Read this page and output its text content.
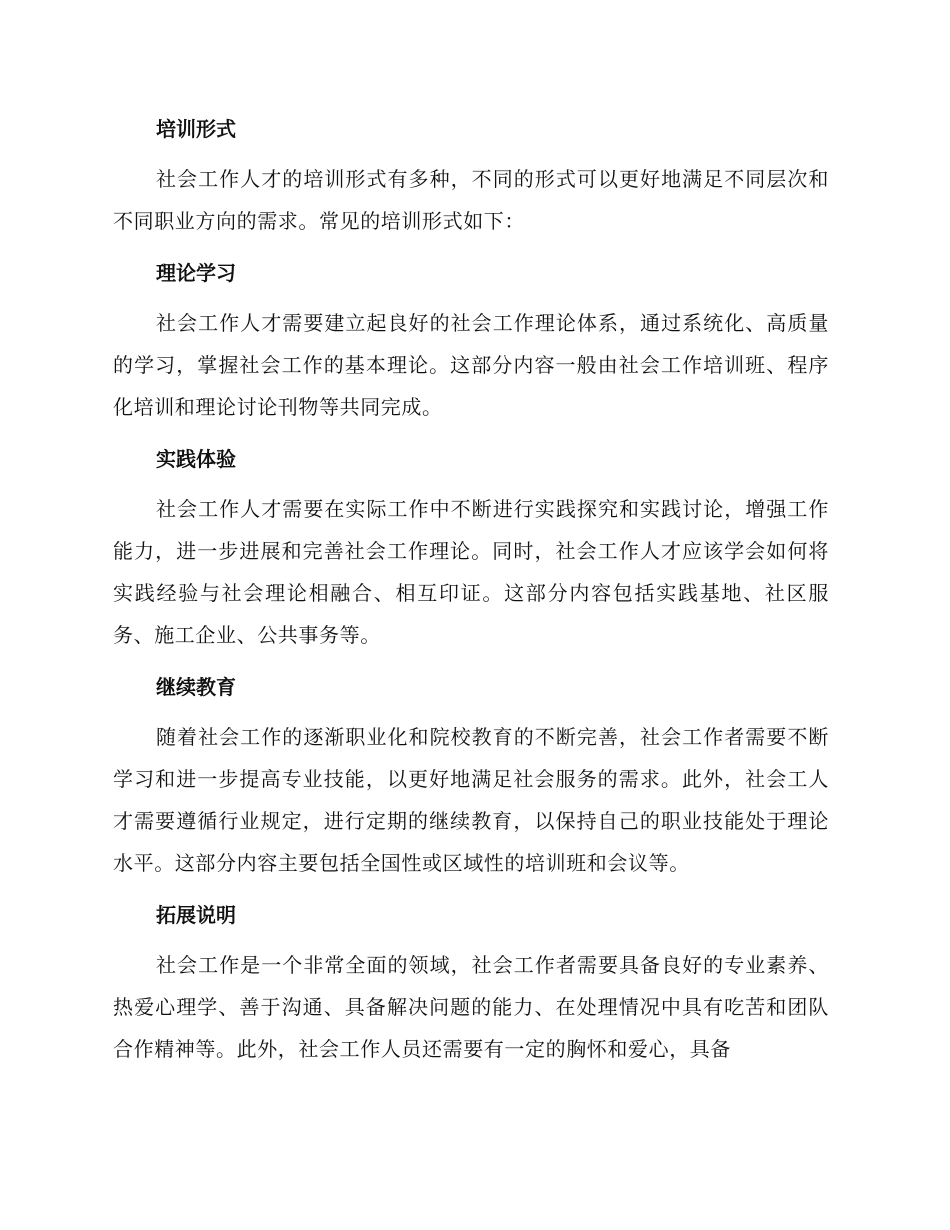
培训形式

社会工作人才的培训形式有多种，不同的形式可以更好地满足不同层次和不同职业方向的需求。常见的培训形式如下：

理论学习

社会工作人才需要建立起良好的社会工作理论体系，通过系统化、高质量的学习，掌握社会工作的基本理论。这部分内容一般由社会工作培训班、程序化培训和理论讨论刊物等共同完成。

实践体验

社会工作人才需要在实际工作中不断进行实践探究和实践讨论，增强工作能力，进一步进展和完善社会工作理论。同时，社会工作人才应该学会如何将实践经验与社会理论相融合、相互印证。这部分内容包括实践基地、社区服务、施工企业、公共事务等。

继续教育

随着社会工作的逐渐职业化和院校教育的不断完善，社会工作者需要不断学习和进一步提高专业技能，以更好地满足社会服务的需求。此外，社会工人才需要遵循行业规定，进行定期的继续教育，以保持自己的职业技能处于理论水平。这部分内容主要包括全国性或区域性的培训班和会议等。

拓展说明

社会工作是一个非常全面的领域，社会工作者需要具备良好的专业素养、热爱心理学、善于沟通、具备解决问题的能力、在处理情况中具有吃苦和团队合作精神等。此外，社会工作人员还需要有一定的胸怀和爱心，具备
